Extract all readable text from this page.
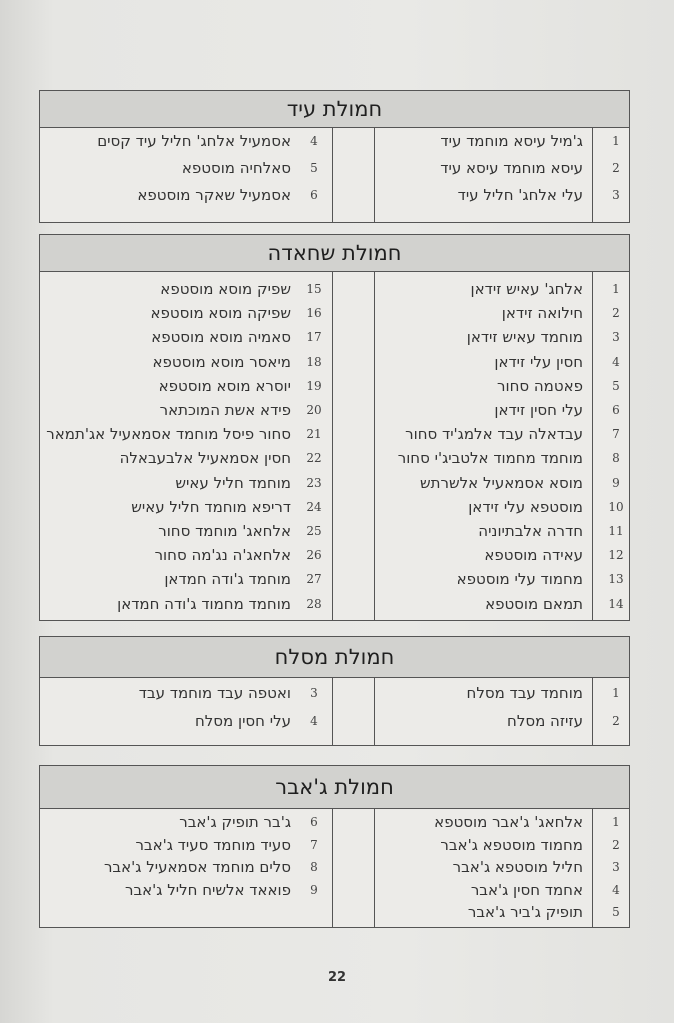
חמולת עיד
1
ג'מיל עיסא מוחמד עיד
2
עיסא מוחמד עיסא עיד
3
עלי אלחג' חליל עיד
4
אסמעיל אלחג' חליל עיד קסים
5
סאלחיה מוסטפא
6
אסמעיל שאקר מוסטפא
חמולת שחאדה
1
אלחג' עאיש זידאן
2
חילואה זידאן
3
מוחמד עאיש זידאן
4
חסין עלי זידאן
5
פאטמה סחור
6
עלי חסין זידאן
7
עבדאלה עבד אלמג'יד סחור
8
מוחמד מחמוד אלטביג'י סחור
9
מוסא אסמאעיל אלשרתש
10
מוסטפא עלי זידאן
11
חדרה אלבתיוניה
12
עאידה מוסטפא
13
מחמוד עלי מוסטפא
14
תמאם מוסטפא
15
שפיק מוסא מוסטפא
16
שפיקה מוסא מוסטפא
17
סאמיה מוסא מוסטפא
18
מיאסר מוסא מוסטפא
19
יוסרא מוסא מוסטפא
20
פידא אשת המוכתאר
21
סחור פיסל מוחמד אסמאעיל אג'תמאר
22
חסין אסמאעיל אלבעבאלה
23
מוחמד חליל עאיש
24
דריפא מוחמד חליל עאיש
25
אלחאג' מוחמד סחור
26
אלחאג'ה נג'מה סחור
27
מוחמד ג'ודה חמדאן
28
מוחמד מחמוד ג'ודה חמדאן
חמולת מסלח
1
מוחמד עבד מסלח
2
עזיזה מסלח
3
ואטפה עבד מוחמד עבד
4
עלי חסין מסלח
חמולת ג'אבר
1
אלחאג' ג'אבר מוסטפא
2
מחמוד מוסטפא ג'אבר
3
חליל מוסטפא ג'אבר
4
אחמד חסין ג'אבר
5
תופיק ג'ביר ג'אבר
6
ג'בר תופיק ג'אבר
7
סעיד מוחמד סעיד ג'אבר
8
סלים מוחמד אסמאעיל ג'אבר
9
פואאד אלשיח חליל ג'אבר
22
